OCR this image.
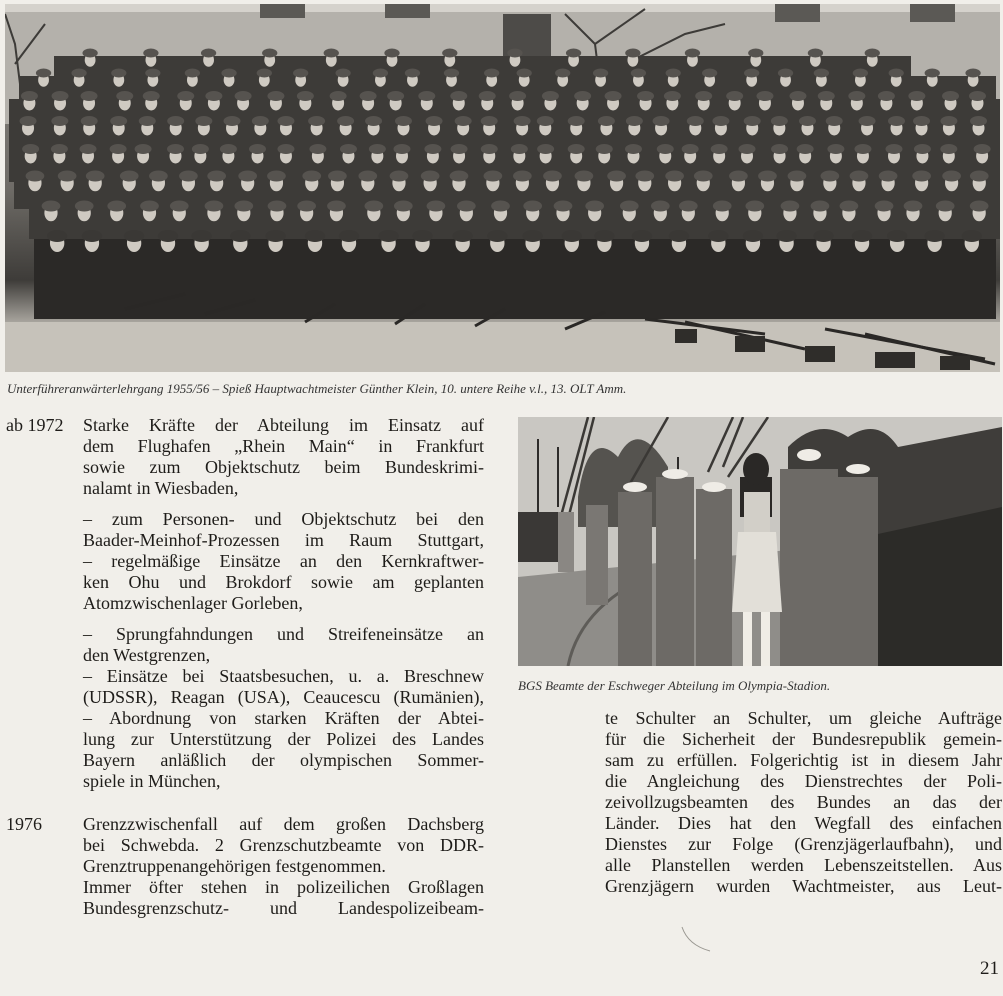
Unterführeranwärterlehrgang 1955/56 – Spieß Hauptwachtmeister Günther Klein, 10. untere Reihe v.l., 13. OLT Amm.
ab 1972
1976
Starke Kräfte der Abteilung im Einsatz auf
dem Flughafen „Rhein Main“ in Frankfurt
sowie zum Objektschutz beim Bundeskrimi-
nalamt in Wiesbaden,
– zum Personen- und Objektschutz bei den
Baader-Meinhof-Prozessen im Raum Stuttgart,
– regelmäßige Einsätze an den Kernkraftwer-
ken Ohu und Brokdorf sowie am geplanten
Atomzwischenlager Gorleben,
– Sprungfahndungen und Streifeneinsätze an
den Westgrenzen,
– Einsätze bei Staatsbesuchen, u. a. Breschnew
(UDSSR), Reagan (USA), Ceaucescu (Rumänien),
– Abordnung von starken Kräften der Abtei-
lung zur Unterstützung der Polizei des Landes
Bayern anläßlich der olympischen Sommer-
spiele in München,
Grenzzwischenfall auf dem großen Dachsberg
bei Schwebda. 2 Grenzschutzbeamte von DDR-
Grenztruppenangehörigen festgenommen.
Immer öfter stehen in polizeilichen Großlagen
Bundesgrenzschutz- und Landespolizeibeam-
BGS Beamte der Eschweger Abteilung im Olympia-Stadion.
te Schulter an Schulter, um gleiche Aufträge
für die Sicherheit der Bundesrepublik gemein-
sam zu erfüllen. Folgerichtig ist in diesem Jahr
die Angleichung des Dienstrechtes der Poli-
zeivollzugsbeamten des Bundes an das der
Länder. Dies hat den Wegfall des einfachen
Dienstes zur Folge (Grenzjägerlaufbahn), und
alle Planstellen werden Lebenszeitstellen. Aus
Grenzjägern wurden Wachtmeister, aus Leut-
21
